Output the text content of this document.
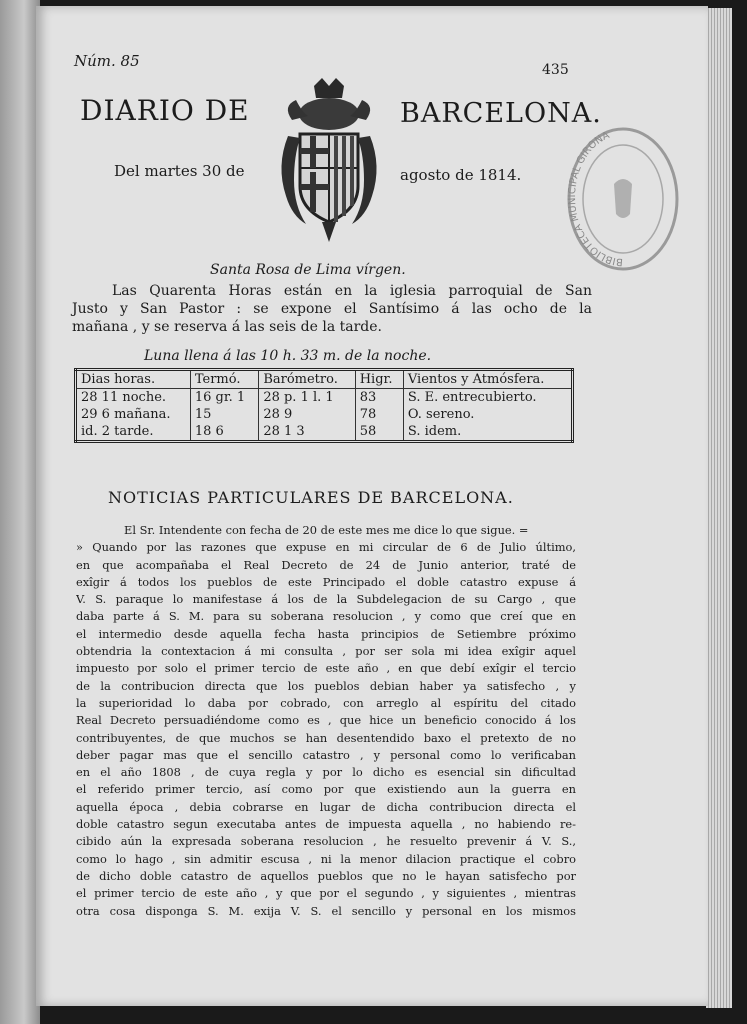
Núm. 85	435
DIARIO DE	BARCELONA.
Del martes 30 de	agosto de 1814.
BIBLIOTECA MUNICIPAL GIRONA
Santa Rosa de Lima vírgen.
Las Quarenta Horas están en la iglesia parroquial de San
Justo y San Pastor : se expone el Santísimo á las ocho de la
mañana , y se reserva á las seis de la tarde.
Luna llena á las 10 h. 33 m. de la noche.
Dias horas.	Termó.	Barómetro.	Higr.	Vientos y Atmósfera.
28 11 noche.	16 gr. 1	28 p. 1 l. 1	83	S. E. entrecubierto.
29 6 mañana.	15	28 9	78	O. sereno.
id. 2 tarde.	18 6	28 1 3	58	S. idem.
NOTICIAS PARTICULARES DE BARCELONA.
El Sr. Intendente con fecha de 20 de este mes me dice lo que sigue. =
» Quando por las razones que expuse en mi circular de 6 de Julio último,
en que acompañaba el Real Decreto de 24 de Junio anterior, traté de
exîgir á todos los pueblos de este Principado el doble catastro expuse á
V. S. paraque lo manifestase á los de la Subdelegacion de su Cargo , que
daba parte á S. M. para su soberana resolucion , y como que creí que en
el intermedio desde aquella fecha hasta principios de Setiembre próximo
obtendria la contextacion á mi consulta , por ser sola mi idea exîgir aquel
impuesto por solo el primer tercio de este año , en que debí exîgir el tercio
de la contribucion directa que los pueblos debian haber ya satisfecho , y
la superioridad lo daba por cobrado, con arreglo al espíritu del citado
Real Decreto persuadiéndome como es , que hice un beneficio conocido á los
contribuyentes, de que muchos se han desentendido baxo el pretexto de no
deber pagar mas que el sencillo catastro , y personal como lo verificaban
en el año 1808 , de cuya regla y por lo dicho es esencial sin dificultad
el referido primer tercio, así como por que existiendo aun la guerra en
aquella época , debia cobrarse en lugar de dicha contribucion directa el
doble catastro segun executaba antes de impuesta aquella , no habiendo re-
cibido aún la expresada soberana resolucion , he resuelto prevenir á V. S.,
como lo hago , sin admitir escusa , ni la menor dilacion practique el cobro
de dicho doble catastro de aquellos pueblos que no le hayan satisfecho por
el primer tercio de este año , y que por el segundo , y siguientes , mientras
otra cosa disponga S. M. exija V. S. el sencillo y personal en los mismos
